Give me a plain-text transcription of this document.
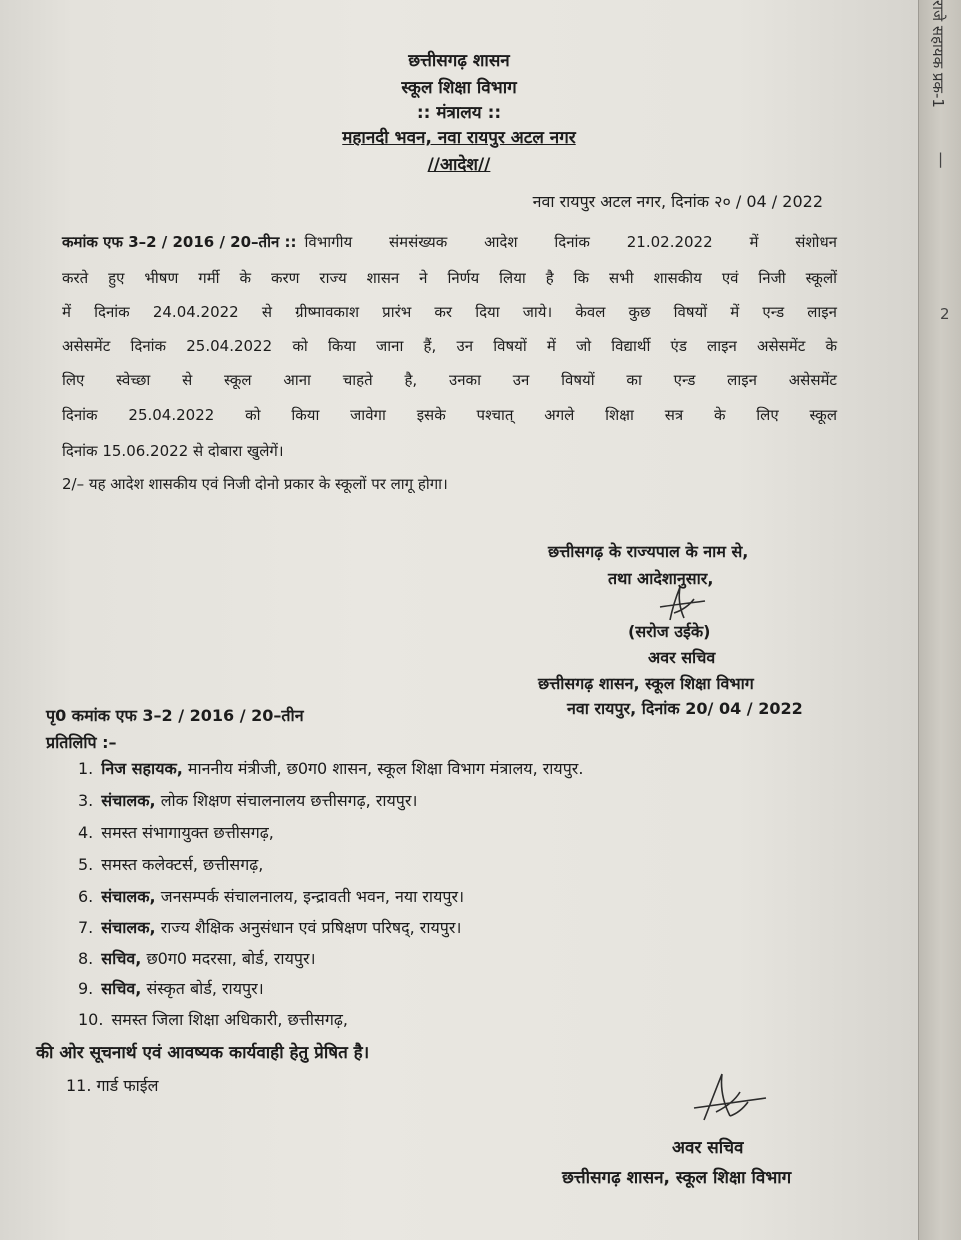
छत्तीसगढ़ शासन
स्कूल शिक्षा विभाग
:: मंत्रालय ::
महानदी भवन, नवा रायपुर अटल नगर
//आदेश//
नवा रायपुर अटल नगर, दिनांक २० / 04 / 2022
कमांक एफ 3–2 / 2016 / 20–तीन :: विभागीय संमसंख्यक आदेश दिनांक 21.02.2022 में संशोधन
करते हुए भीषण गर्मी के करण राज्य शासन ने निर्णय लिया है कि सभी शासकीय एवं निजी स्कूलों
में दिनांक 24.04.2022 से ग्रीष्मावकाश प्रारंभ कर दिया जाये। केवल कुछ विषयों में एन्ड लाइन
असेसमेंट दिनांक 25.04.2022 को किया जाना हैं, उन विषयों में जो विद्यार्थी एंड लाइन असेसमेंट के
लिए स्वेच्छा से स्कूल आना चाहते है, उनका उन विषयों का एन्ड लाइन असेसमेंट
दिनांक 25.04.2022 को किया जावेगा इसके पश्चात् अगले शिक्षा सत्र के लिए स्कूल
दिनांक 15.06.2022 से दोबारा खुलेगें।
2/– यह आदेश शासकीय एवं निजी दोनो प्रकार के स्कूलों पर लागू होगा।
छत्तीसगढ़ के राज्यपाल के नाम से,
तथा आदेशानुसार,
(सरोज उईके)
अवर सचिव
छत्तीसगढ़ शासन, स्कूल शिक्षा विभाग
नवा रायपुर, दिनांक 20/ 04 / 2022
पृ0 कमांक एफ 3–2 / 2016 / 20–तीन
प्रतिलिपि :–
1. निज सहायक, माननीय मंत्रीजी, छ0ग0 शासन, स्कूल शिक्षा विभाग मंत्रालय, रायपुर.
3. संचालक, लोक शिक्षण संचालनालय छत्तीसगढ़, रायपुर।
4. समस्त संभागायुक्त छत्तीसगढ़,
5. समस्त कलेक्टर्स, छत्तीसगढ़,
6. संचालक, जनसम्पर्क संचालनालय, इन्द्रावती भवन, नया रायपुर।
7. संचालक, राज्य शैक्षिक अनुसंधान एवं प्रषिक्षण परिषद्, रायपुर।
8. सचिव, छ0ग0 मदरसा, बोर्ड, रायपुर।
9. सचिव, संस्कृत बोर्ड, रायपुर।
10. समस्त जिला शिक्षा अधिकारी, छत्तीसगढ़,
की ओर सूचनार्थ एवं आवष्यक कार्यवाही हेतु प्रेषित है।
11. गार्ड फाईल
अवर सचिव
छत्तीसगढ़ शासन, स्कूल शिक्षा विभाग
राजे सहायक प्रक-1
|
2
